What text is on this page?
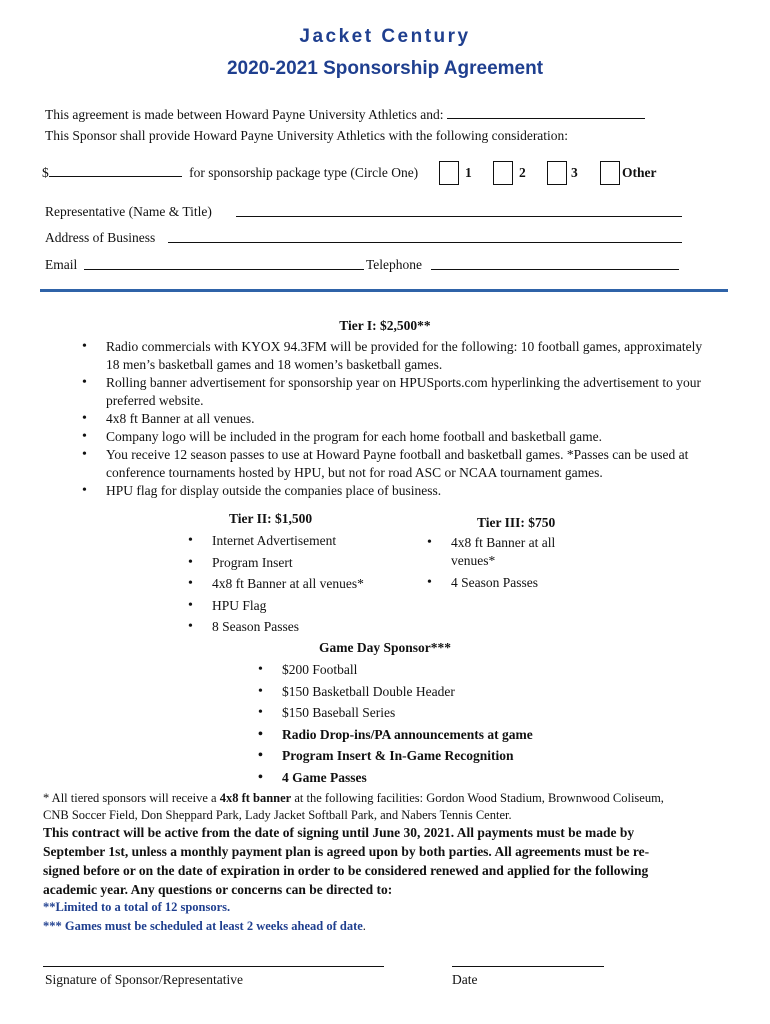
Jacket Century
2020-2021 Sponsorship Agreement
This agreement is made between Howard Payne University Athletics and:
This Sponsor shall provide Howard Payne University Athletics with the following consideration:
$	for sponsorship package type (Circle One)	1	2	3	Other
Representative (Name & Title)
Address of Business
Email	Telephone
Tier I: $2,500**
• Radio commercials with KYOX 94.3FM will be provided for the following: 10 football games, approximately 18 men’s basketball games and 18 women’s basketball games.
• Rolling banner advertisement for sponsorship year on HPUSports.com hyperlinking the advertisement to your preferred website.
• 4x8 ft Banner at all venues.
• Company logo will be included in the program for each home football and basketball game.
• You receive 12 season passes to use at Howard Payne football and basketball games. *Passes can be used at conference tournaments hosted by HPU, but not for road ASC or NCAA tournament games.
• HPU flag for display outside the companies place of business.
Tier II: $1,500
• Internet Advertisement
• Program Insert
• 4x8 ft Banner at all venues*
• HPU Flag
• 8 Season Passes
Tier III: $750
• 4x8 ft Banner at all venues*
• 4 Season Passes
Game Day Sponsor***
• $200 Football
• $150 Basketball Double Header
• $150 Baseball Series
• Radio Drop-ins/PA announcements at game
• Program Insert & In-Game Recognition
• 4 Game Passes
* All tiered sponsors will receive a 4x8 ft banner at the following facilities: Gordon Wood Stadium, Brownwood Coliseum,
CNB Soccer Field, Don Sheppard Park, Lady Jacket Softball Park, and Nabers Tennis Center.
This contract will be active from the date of signing until June 30, 2021. All payments must be made by
September 1st, unless a monthly payment plan is agreed upon by both parties. All agreements must be re-
signed before or on the date of expiration in order to be considered renewed and applied for the following
academic year. Any questions or concerns can be directed to:
**Limited to a total of 12 sponsors.
*** Games must be scheduled at least 2 weeks ahead of date.
Signature of Sponsor/Representative	Date
